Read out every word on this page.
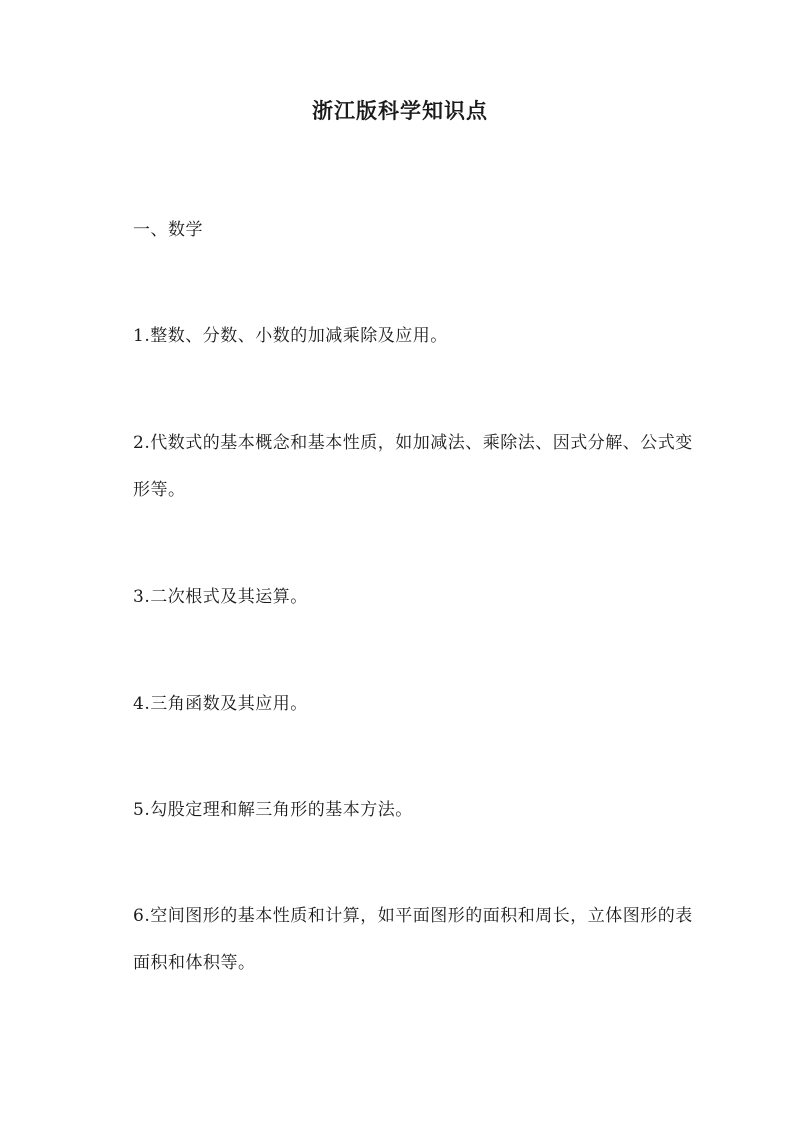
浙江版科学知识点
一、数学
1.整数、分数、小数的加减乘除及应用。
2.代数式的基本概念和基本性质，如加减法、乘除法、因式分解、公式变形等。
3.二次根式及其运算。
4.三角函数及其应用。
5.勾股定理和解三角形的基本方法。
6.空间图形的基本性质和计算，如平面图形的面积和周长，立体图形的表面积和体积等。
